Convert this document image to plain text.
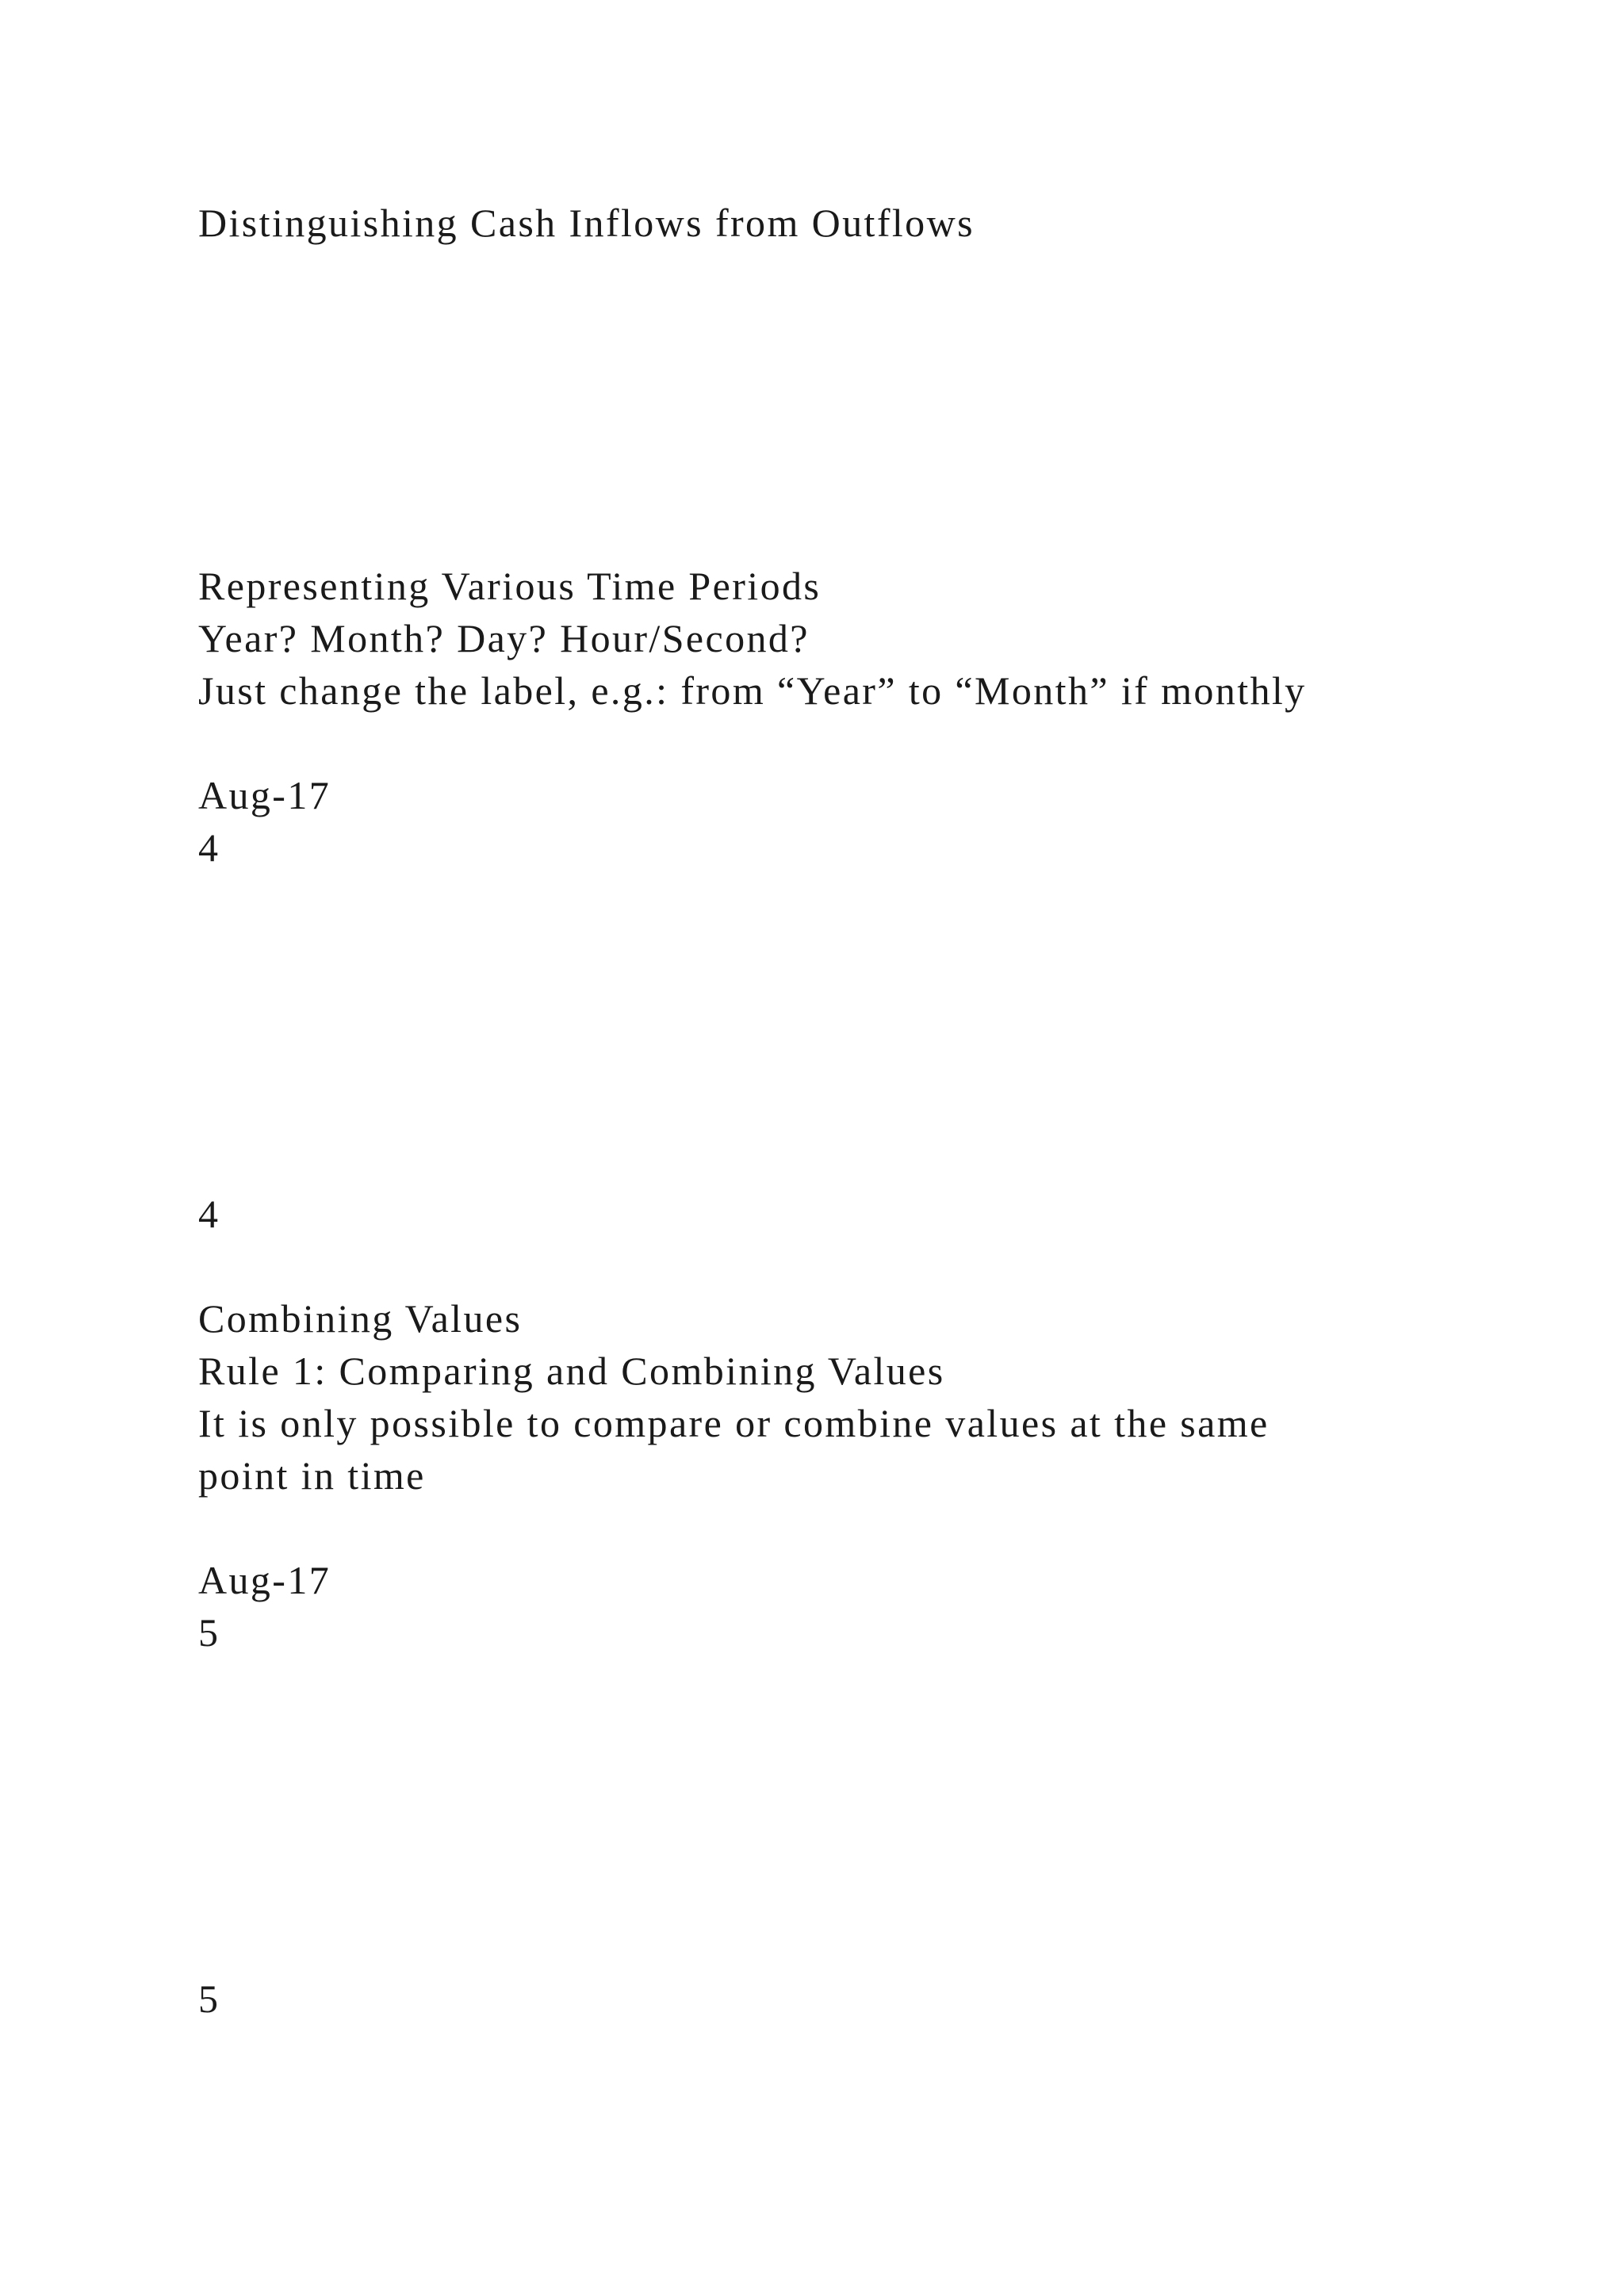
Distinguishing Cash Inflows from Outflows

Representing Various Time Periods

Year? Month? Day? Hour/Second?

Just change the label, e.g.: from “Year” to “Month” if monthly

Aug-17

4

4

Combining Values

Rule 1: Comparing and Combining Values

It is only possible to compare or combine values at the same

point in time

Aug-17

5

5
